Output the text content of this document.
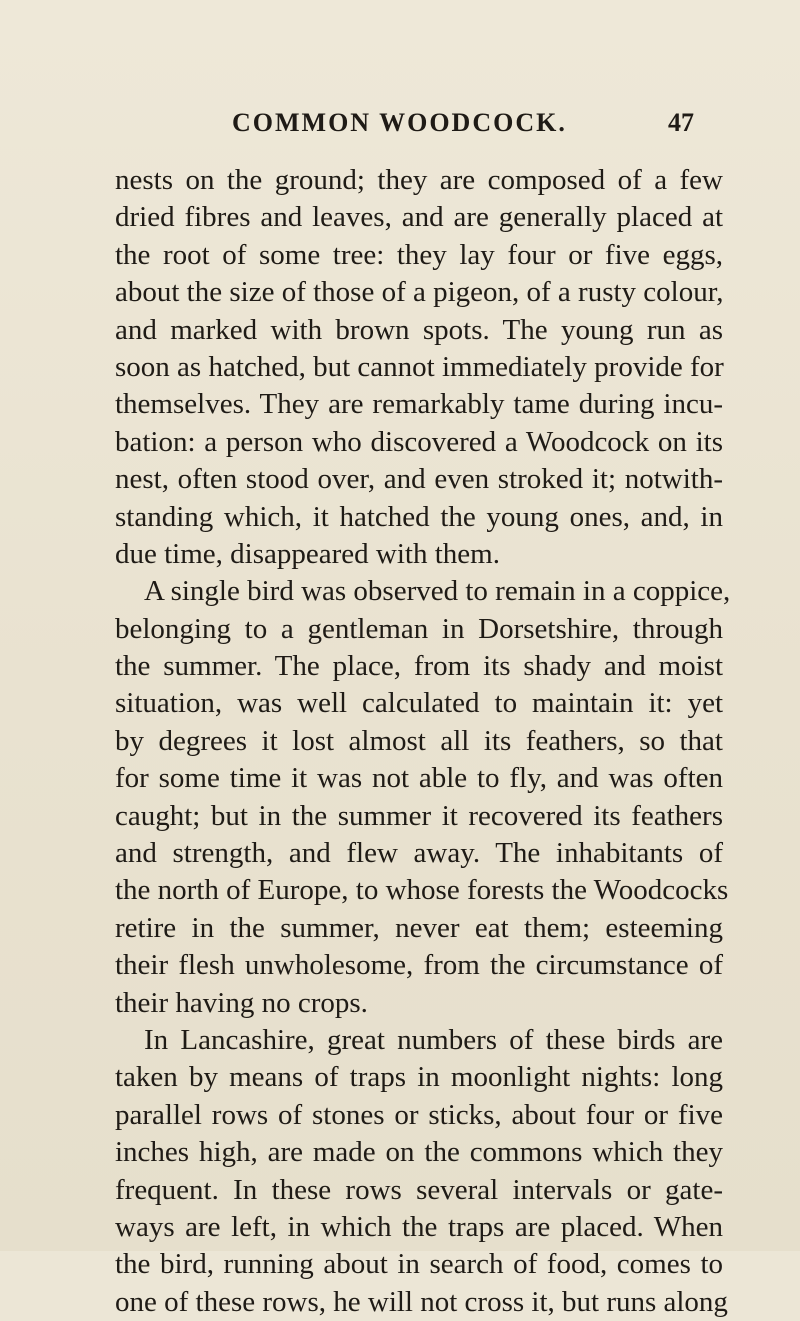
COMMON WOODCOCK.	47
nests on the ground; they are composed of a few
dried fibres and leaves, and are generally placed at
the root of some tree: they lay four or five eggs,
about the size of those of a pigeon, of a rusty colour,
and marked with brown spots. The young run as
soon as hatched, but cannot immediately provide for
themselves. They are remarkably tame during incu-
bation: a person who discovered a Woodcock on its
nest, often stood over, and even stroked it; notwith-
standing which, it hatched the young ones, and, in
due time, disappeared with them.
A single bird was observed to remain in a coppice,
belonging to a gentleman in Dorsetshire, through
the summer. The place, from its shady and moist
situation, was well calculated to maintain it: yet
by degrees it lost almost all its feathers, so that
for some time it was not able to fly, and was often
caught; but in the summer it recovered its feathers
and strength, and flew away. The inhabitants of
the north of Europe, to whose forests the Woodcocks
retire in the summer, never eat them; esteeming
their flesh unwholesome, from the circumstance of
their having no crops.
In Lancashire, great numbers of these birds are
taken by means of traps in moonlight nights: long
parallel rows of stones or sticks, about four or five
inches high, are made on the commons which they
frequent. In these rows several intervals or gate-
ways are left, in which the traps are placed. When
the bird, running about in search of food, comes to
one of these rows, he will not cross it, but runs along
